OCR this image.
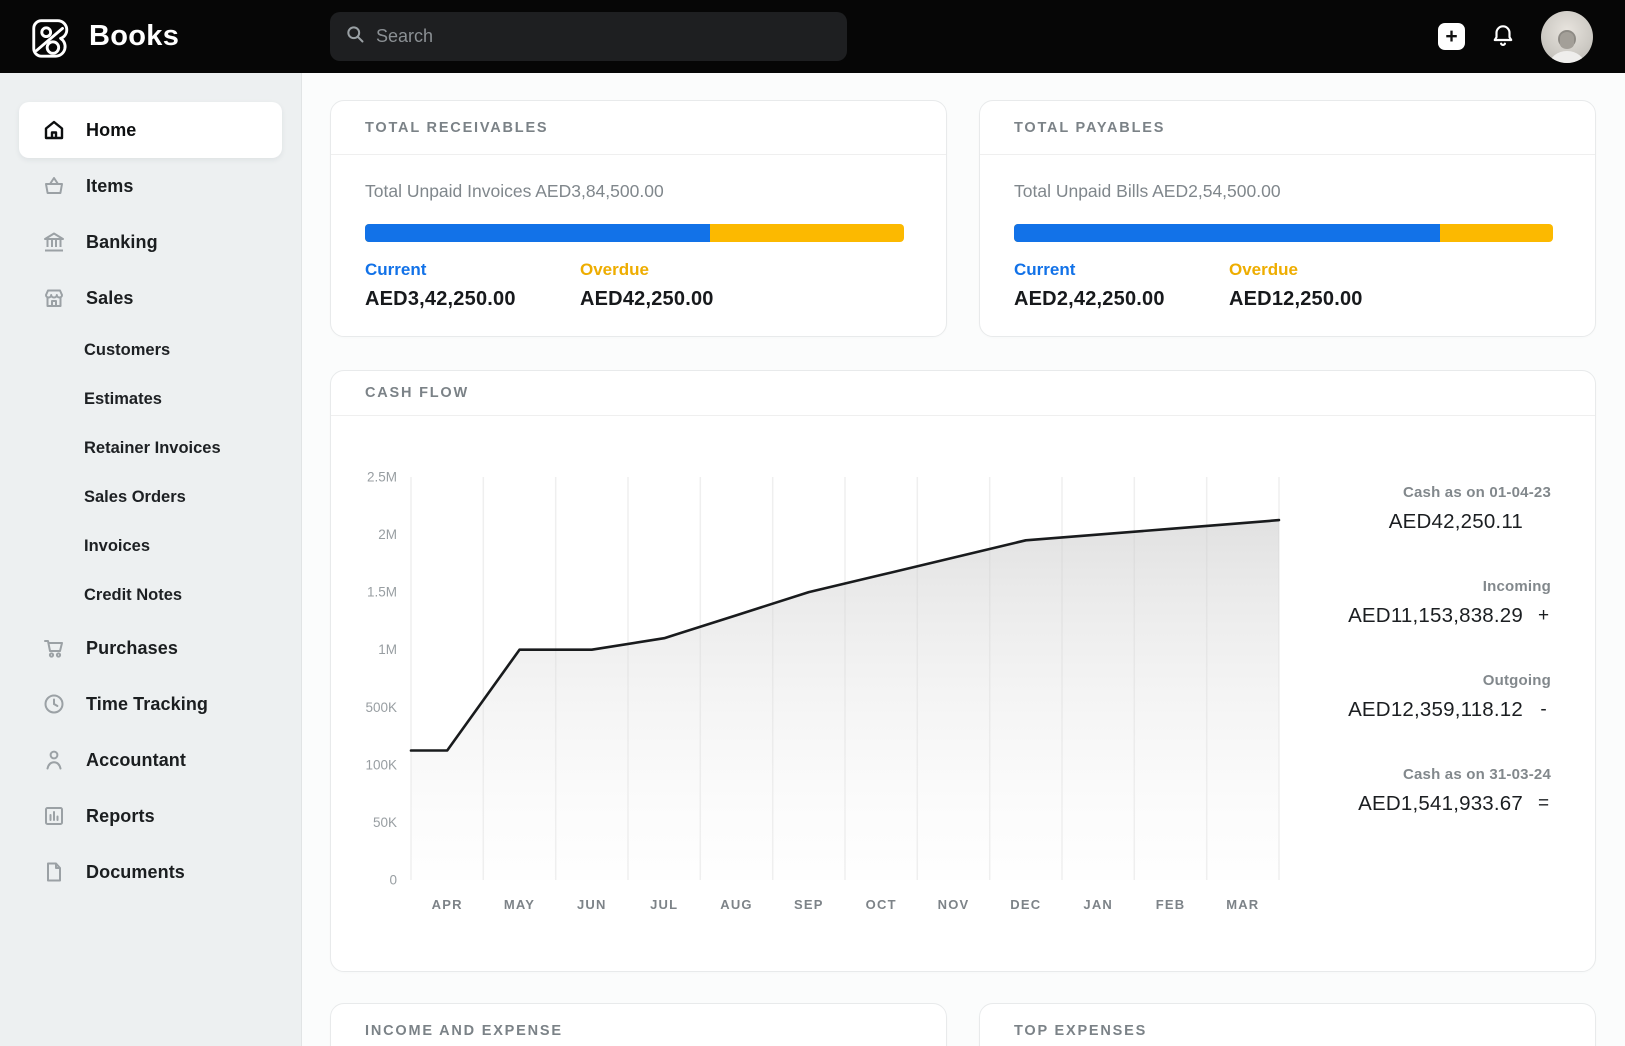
Books
Search	+
Home
Items
Banking
Sales
Customers
Estimates
Retainer Invoices
Sales Orders
Invoices
Credit Notes
Purchases
Time Tracking
Accountant
Reports
Documents
TOTAL RECEIVABLES
Total Unpaid Invoices AED3,84,500.00
Current
AED3,42,250.00
Overdue
AED42,250.00
TOTAL PAYABLES
Total Unpaid Bills AED2,54,500.00
Current
AED2,42,250.00
Overdue
AED12,250.00
CASH FLOW
0
50K
100K
500K
1M
1.5M
2M
2.5M
APR	MAY	JUN	JUL	AUG	SEP	OCT	NOV	DEC	JAN	FEB	MAR
Cash as on 01-04-23
AED42,250.11
Incoming
AED11,153,838.29 +
Outgoing
AED12,359,118.12 -
Cash as on 31-03-24
AED1,541,933.67 =
INCOME AND EXPENSE	TOP EXPENSES
